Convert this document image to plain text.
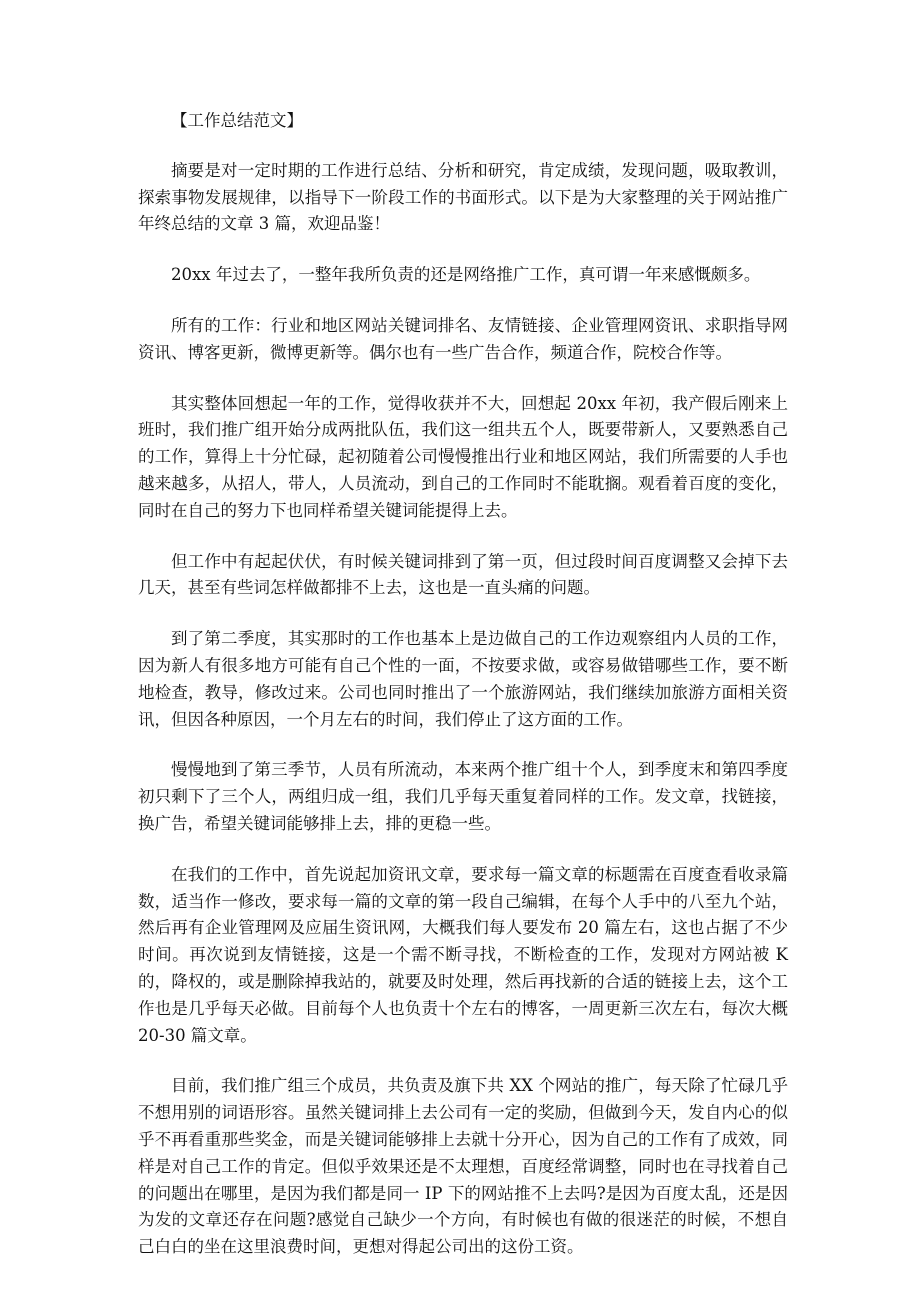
【工作总结范文】

摘要是对一定时期的工作进行总结、分析和研究，肯定成绩，发现问题，吸取教训，探索事物发展规律，以指导下一阶段工作的书面形式。以下是为大家整理的关于网站推广年终总结的文章 3 篇，欢迎品鉴！

20xx 年过去了，一整年我所负责的还是网络推广工作，真可谓一年来感慨颇多。

所有的工作：行业和地区网站关键词排名、友情链接、企业管理网资讯、求职指导网资讯、博客更新，微博更新等。偶尔也有一些广告合作，频道合作，院校合作等。

其实整体回想起一年的工作，觉得收获并不大，回想起 20xx 年初，我产假后刚来上班时，我们推广组开始分成两批队伍，我们这一组共五个人，既要带新人，又要熟悉自己的工作，算得上十分忙碌，起初随着公司慢慢推出行业和地区网站，我们所需要的人手也越来越多，从招人，带人，人员流动，到自己的工作同时不能耽搁。观看着百度的变化，同时在自己的努力下也同样希望关键词能提得上去。

但工作中有起起伏伏，有时候关键词排到了第一页，但过段时间百度调整又会掉下去几天，甚至有些词怎样做都排不上去，这也是一直头痛的问题。

到了第二季度，其实那时的工作也基本上是边做自己的工作边观察组内人员的工作，因为新人有很多地方可能有自己个性的一面，不按要求做，或容易做错哪些工作，要不断地检查，教导，修改过来。公司也同时推出了一个旅游网站，我们继续加旅游方面相关资讯，但因各种原因，一个月左右的时间，我们停止了这方面的工作。

慢慢地到了第三季节，人员有所流动，本来两个推广组十个人，到季度末和第四季度初只剩下了三个人，两组归成一组，我们几乎每天重复着同样的工作。发文章，找链接，换广告，希望关键词能够排上去，排的更稳一些。

在我们的工作中，首先说起加资讯文章，要求每一篇文章的标题需在百度查看收录篇数，适当作一修改，要求每一篇的文章的第一段自己编辑，在每个人手中的八至九个站，然后再有企业管理网及应届生资讯网，大概我们每人要发布 20 篇左右，这也占据了不少时间。再次说到友情链接，这是一个需不断寻找，不断检查的工作，发现对方网站被 K 的，降权的，或是删除掉我站的，就要及时处理，然后再找新的合适的链接上去，这个工作也是几乎每天必做。目前每个人也负责十个左右的博客，一周更新三次左右，每次大概 20-30 篇文章。

目前，我们推广组三个成员，共负责及旗下共 XX 个网站的推广，每天除了忙碌几乎不想用别的词语形容。虽然关键词排上去公司有一定的奖励，但做到今天，发自内心的似乎不再看重那些奖金，而是关键词能够排上去就十分开心，因为自己的工作有了成效，同样是对自己工作的肯定。但似乎效果还是不太理想，百度经常调整，同时也在寻找着自己的问题出在哪里，是因为我们都是同一 IP 下的网站推不上去吗?是因为百度太乱，还是因为发的文章还存在问题?感觉自己缺少一个方向，有时候也有做的很迷茫的时候，不想自己白白的坐在这里浪费时间，更想对得起公司出的这份工资。
